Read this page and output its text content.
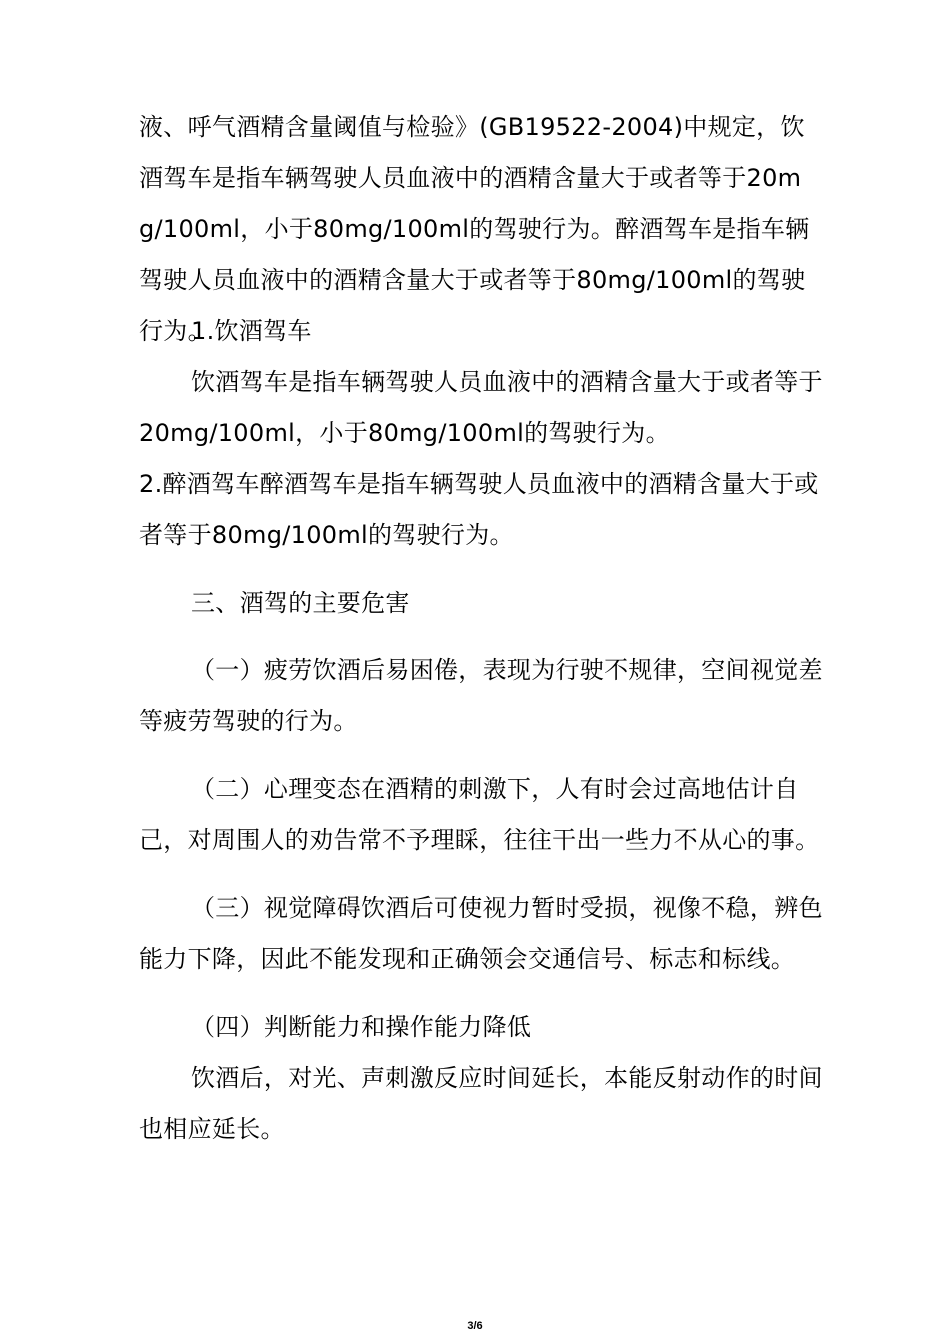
液、呼气酒精含量阈值与检验》(GB19522-2004)中规定，饮酒驾车是指车辆驾驶人员血液中的酒精含量大于或者等于20mg/100ml，小于80mg/100ml的驾驶行为。醉酒驾车是指车辆驾驶人员血液中的酒精含量大于或者等于80mg/100ml的驾驶行为。

1.饮酒驾车

饮酒驾车是指车辆驾驶人员血液中的酒精含量大于或者等于20mg/100ml，小于80mg/100ml的驾驶行为。

2.醉酒驾车醉酒驾车是指车辆驾驶人员血液中的酒精含量大于或者等于80mg/100ml的驾驶行为。

三、酒驾的主要危害

（一）疲劳饮酒后易困倦，表现为行驶不规律，空间视觉差等疲劳驾驶的行为。

（二）心理变态在酒精的刺激下，人有时会过高地估计自己，对周围人的劝告常不予理睬，往往干出一些力不从心的事。

（三）视觉障碍饮酒后可使视力暂时受损，视像不稳，辨色能力下降，因此不能发现和正确领会交通信号、标志和标线。

（四）判断能力和操作能力降低

饮酒后，对光、声刺激反应时间延长，本能反射动作的时间也相应延长。

3/6
